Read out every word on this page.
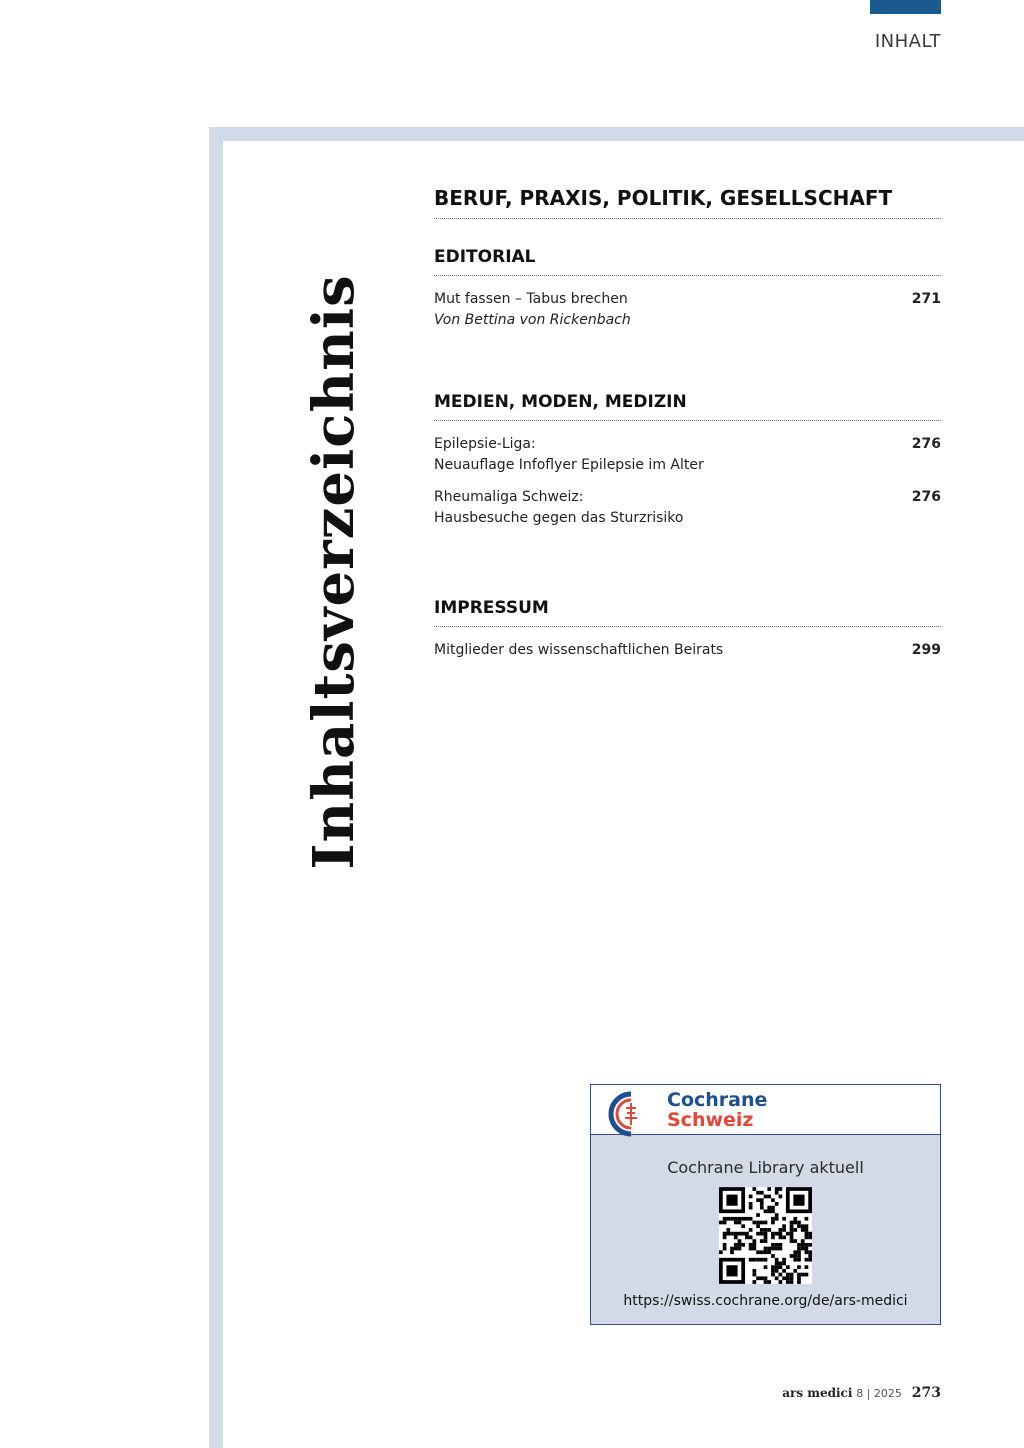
INHALT
Inhaltsverzeichnis
BERUF, PRAXIS, POLITIK, GESELLSCHAFT
EDITORIAL
Mut fassen – Tabus brechen	271
Von Bettina von Rickenbach
MEDIEN, MODEN, MEDIZIN
Epilepsie-Liga:	276
Neuauflage Infoflyer Epilepsie im Alter
Rheumaliga Schweiz:	276
Hausbesuche gegen das Sturzrisiko
IMPRESSUM
Mitglieder des wissenschaftlichen Beirats	299
Cochrane
Schweiz
Cochrane Library aktuell
https://swiss.cochrane.org/de/ars-medici
ars medici 8 | 2025 273
